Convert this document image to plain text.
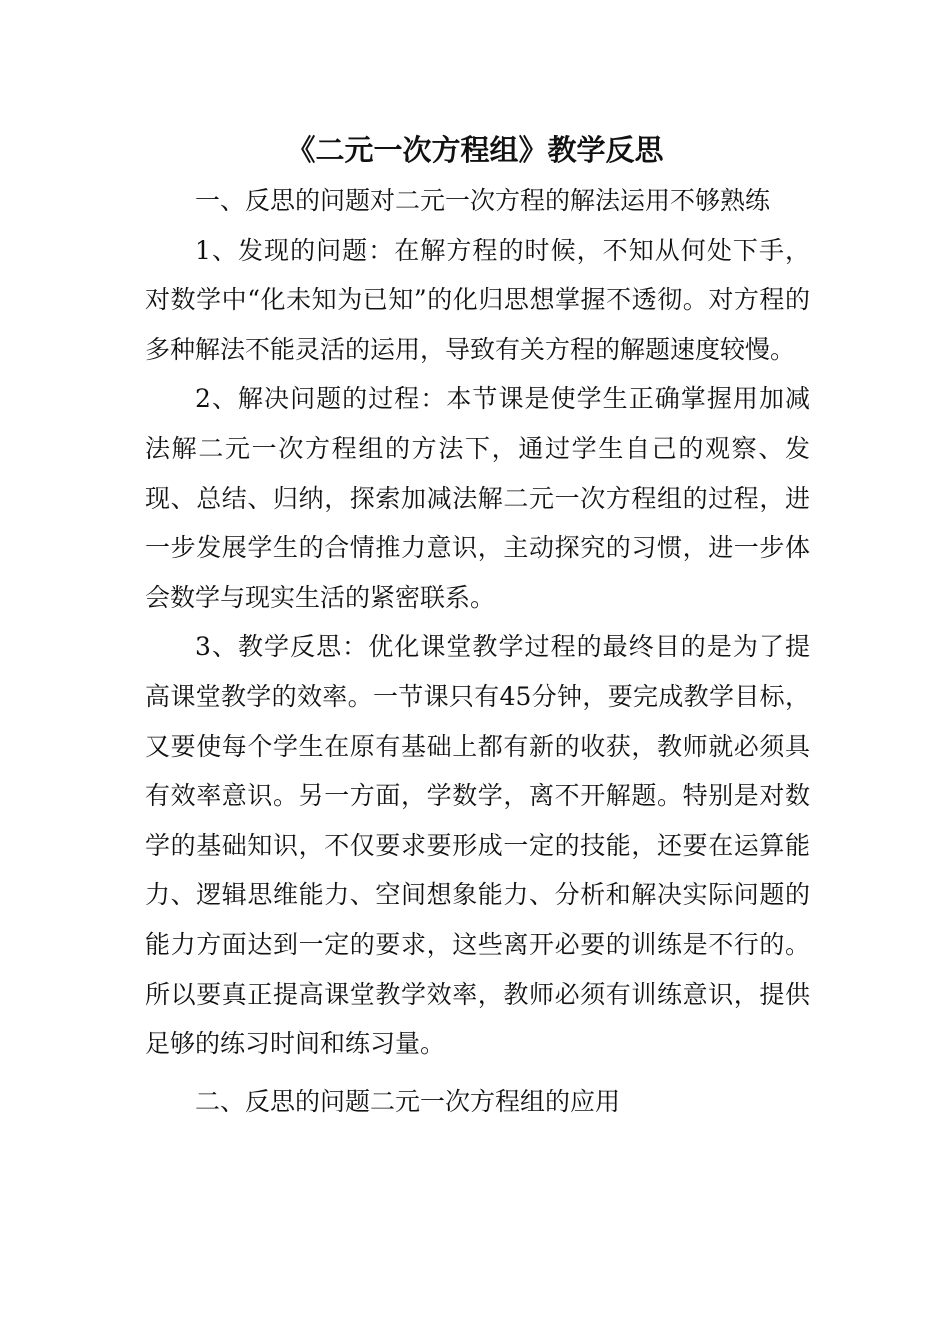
《二元一次方程组》教学反思

一、反思的问题对二元一次方程的解法运用不够熟练

1、发现的问题：在解方程的时候，不知从何处下手，对数学中“化未知为已知”的化归思想掌握不透彻。对方程的多种解法不能灵活的运用，导致有关方程的解题速度较慢。

2、解决问题的过程：本节课是使学生正确掌握用加减法解二元一次方程组的方法下，通过学生自己的观察、发现、总结、归纳，探索加减法解二元一次方程组的过程，进一步发展学生的合情推力意识，主动探究的习惯，进一步体会数学与现实生活的紧密联系。

3、教学反思：优化课堂教学过程的最终目的是为了提高课堂教学的效率。一节课只有45分钟，要完成教学目标，又要使每个学生在原有基础上都有新的收获，教师就必须具有效率意识。另一方面，学数学，离不开解题。特别是对数学的基础知识，不仅要求要形成一定的技能，还要在运算能力、逻辑思维能力、空间想象能力、分析和解决实际问题的能力方面达到一定的要求，这些离开必要的训练是不行的。所以要真正提高课堂教学效率，教师必须有训练意识，提供足够的练习时间和练习量。

二、反思的问题二元一次方程组的应用
